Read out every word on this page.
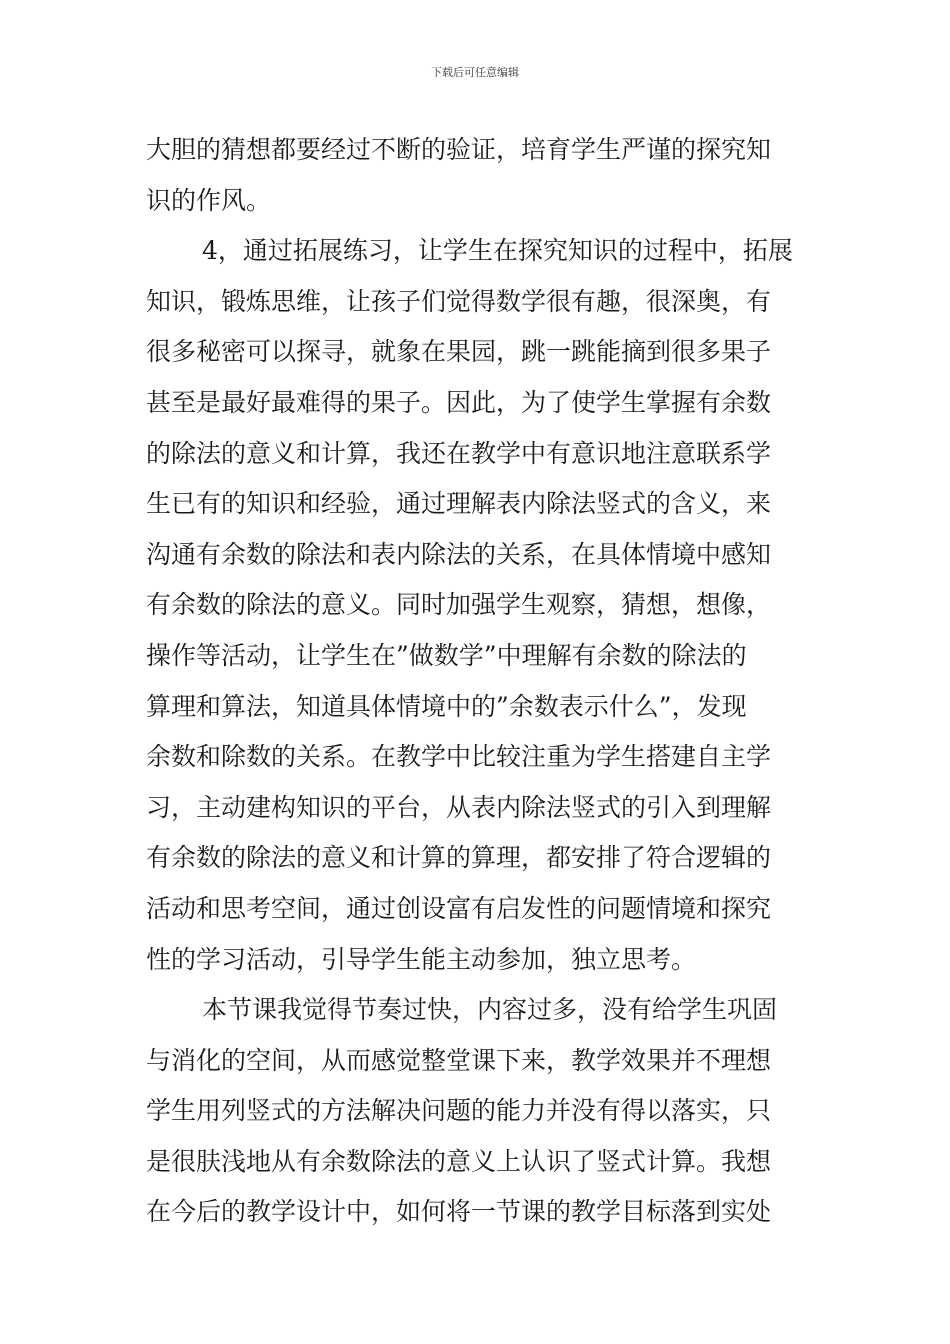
下载后可任意编辑
大胆的猜想都要经过不断的验证，培育学生严谨的探究知
识的作风。
4，通过拓展练习，让学生在探究知识的过程中，拓展
知识，锻炼思维，让孩子们觉得数学很有趣，很深奥，有
很多秘密可以探寻，就象在果园，跳一跳能摘到很多果子
甚至是最好最难得的果子。因此，为了使学生掌握有余数
的除法的意义和计算，我还在教学中有意识地注意联系学
生已有的知识和经验，通过理解表内除法竖式的含义，来
沟通有余数的除法和表内除法的关系，在具体情境中感知
有余数的除法的意义。同时加强学生观察，猜想，想像，
操作等活动，让学生在”做数学”中理解有余数的除法的
算理和算法，知道具体情境中的”余数表示什么”，发现
余数和除数的关系。在教学中比较注重为学生搭建自主学
习，主动建构知识的平台，从表内除法竖式的引入到理解
有余数的除法的意义和计算的算理，都安排了符合逻辑的
活动和思考空间，通过创设富有启发性的问题情境和探究
性的学习活动，引导学生能主动参加，独立思考。
本节课我觉得节奏过快，内容过多，没有给学生巩固
与消化的空间，从而感觉整堂课下来，教学效果并不理想
学生用列竖式的方法解决问题的能力并没有得以落实，只
是很肤浅地从有余数除法的意义上认识了竖式计算。我想
在今后的教学设计中，如何将一节课的教学目标落到实处
